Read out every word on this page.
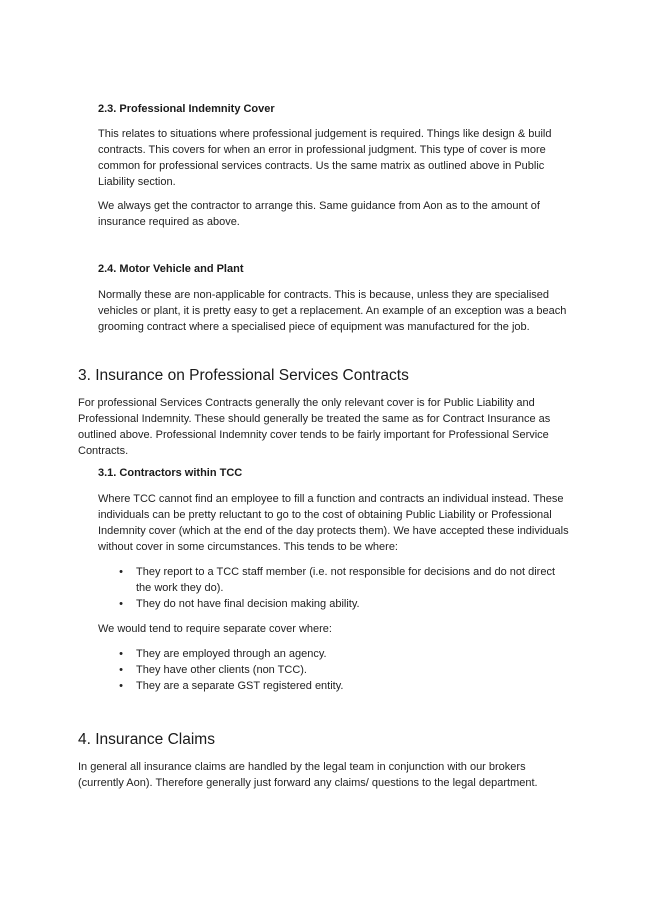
2.3. Professional Indemnity Cover
This relates to situations where professional judgement is required. Things like design & build
contracts. This covers for when an error in professional judgment. This type of cover is more
common for professional services contracts. Us the same matrix as outlined above in Public
Liability section.
We always get the contractor to arrange this. Same guidance from Aon as to the amount of
insurance required as above.
2.4. Motor Vehicle and Plant
Normally these are non-applicable for contracts. This is because, unless they are specialised
vehicles or plant, it is pretty easy to get a replacement. An example of an exception was a beach
grooming contract where a specialised piece of equipment was manufactured for the job.
3. Insurance on Professional Services Contracts
For professional Services Contracts generally the only relevant cover is for Public Liability and
Professional Indemnity. These should generally be treated the same as for Contract Insurance as
outlined above. Professional Indemnity cover tends to be fairly important for Professional Service
Contracts.
3.1. Contractors within TCC
Where TCC cannot find an employee to fill a function and contracts an individual instead. These
individuals can be pretty reluctant to go to the cost of obtaining Public Liability or Professional
Indemnity cover (which at the end of the day protects them). We have accepted these individuals
without cover in some circumstances. This tends to be where:
• They report to a TCC staff member (i.e. not responsible for decisions and do not direct
the work they do).
• They do not have final decision making ability.
We would tend to require separate cover where:
• They are employed through an agency.
• They have other clients (non TCC).
• They are a separate GST registered entity.
4. Insurance Claims
In general all insurance claims are handled by the legal team in conjunction with our brokers
(currently Aon). Therefore generally just forward any claims/ questions to the legal department.
